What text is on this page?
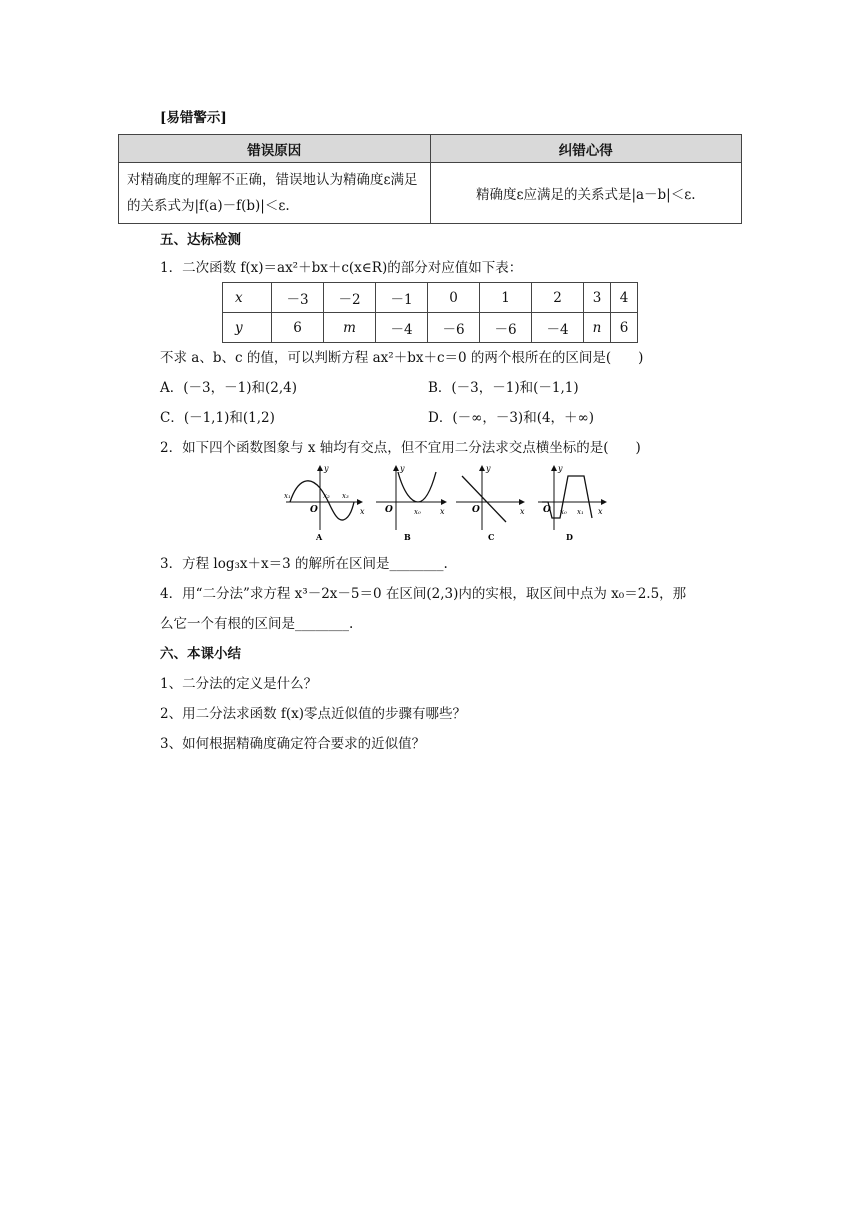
[易错警示]
错误原因	纠错心得
对精确度的理解不正确，错误地认为精确度ε满足的关系式为|f(a)－f(b)|＜ε.	精确度ε应满足的关系式是|a－b|＜ε.
五、达标检测
1．二次函数 f(x)＝ax²＋bx＋c(x∈R)的部分对应值如下表：
x	－3	－2	－1	0	1	2	3	4
y	6	m	－4	－6	－6	－4	n	6
不求 a、b、c 的值，可以判断方程 ax²＋bx＋c＝0 的两个根所在的区间是(　　)
A．(－3，－1)和(2,4)	B．(－3，－1)和(－1,1)
C．(－1,1)和(1,2)	D．(－∞，－3)和(4，＋∞)
2．如下四个函数图象与 x 轴均有交点，但不宜用二分法求交点横坐标的是(　　)
y
x
O
x₁	x₂ x₃
A
y
x
O	x₀
B
y
x
O
C
y
x
O x₀ x₁
D
3．方程 log₃x＋x＝3 的解所在区间是________.
4．用“二分法”求方程 x³－2x－5＝0 在区间(2,3)内的实根，取区间中点为 x₀＝2.5，那
么它一个有根的区间是________.
六、本课小结
1、二分法的定义是什么？
2、用二分法求函数 f(x)零点近似值的步骤有哪些？
3、如何根据精确度确定符合要求的近似值？
